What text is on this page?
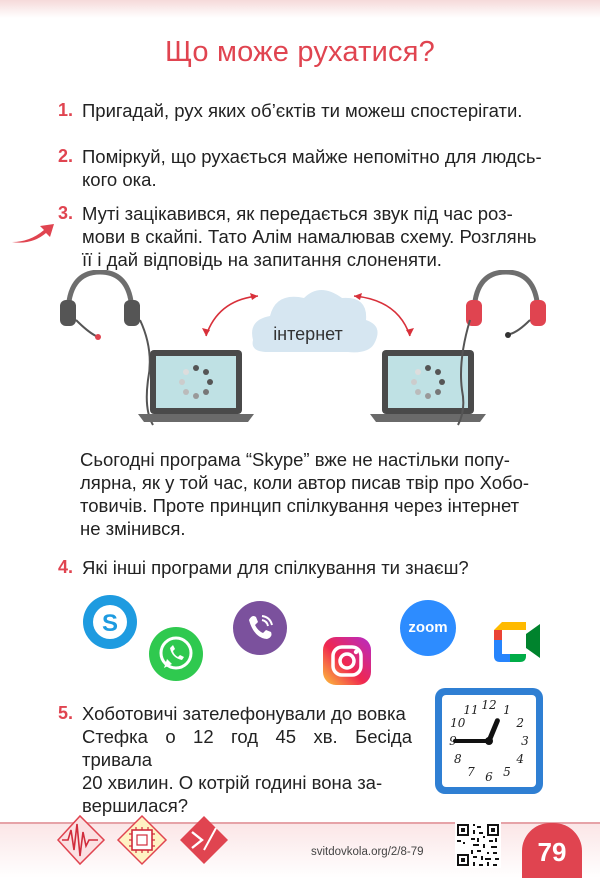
Що може рухатися?
1. Пригадай, рух яких об’єктів ти можеш спостерігати.
2. Поміркуй, що рухається майже непомітно для людсь-
кого ока.
3. Муті зацікавився, як передається звук під час роз-
мови в скайпі. Тато Алім намалював схему. Розглянь
її і дай відповідь на запитання слоненяти.
інтернет
Сьогодні програма “Skype” вже не настільки попу-
лярна, як у той час, коли автор писав твір про Хобо-
товичів. Проте принцип спілкування через інтернет
не змінився.
4. Які інші програми для спілкування ти знаєш?
S	zoom
5. Хоботовичі зателефонували до вовка
Стефка о 12 год 45 хв. Бесіда тривала
20 хвилин. О котрій годині вона за-
вершилася?
12 1
2
3
4
5
6
7
8
9
10
11
svitdovkola.org/2/8-79	79
